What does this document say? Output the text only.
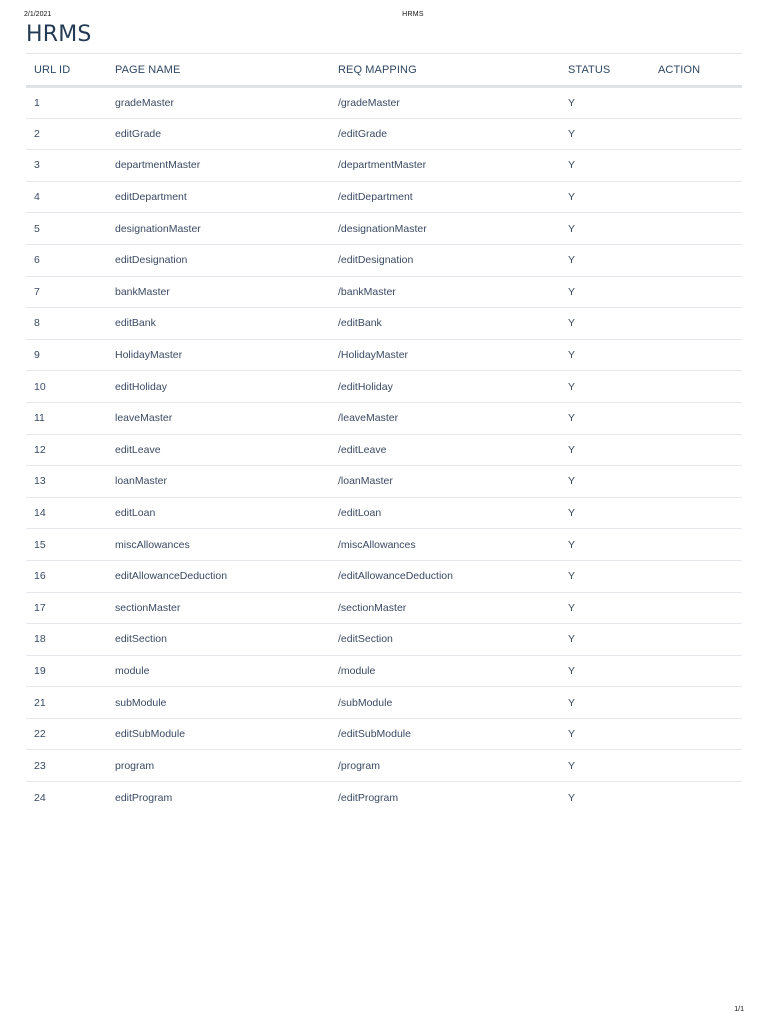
2/1/2021	HRMS
HRMS
URL ID	PAGE NAME	REQ MAPPING	STATUS	ACTION
1	gradeMaster	/gradeMaster	Y	
2	editGrade	/editGrade	Y	
3	departmentMaster	/departmentMaster	Y	
4	editDepartment	/editDepartment	Y	
5	designationMaster	/designationMaster	Y	
6	editDesignation	/editDesignation	Y	
7	bankMaster	/bankMaster	Y	
8	editBank	/editBank	Y	
9	HolidayMaster	/HolidayMaster	Y	
10	editHoliday	/editHoliday	Y	
11	leaveMaster	/leaveMaster	Y	
12	editLeave	/editLeave	Y	
13	loanMaster	/loanMaster	Y	
14	editLoan	/editLoan	Y	
15	miscAllowances	/miscAllowances	Y	
16	editAllowanceDeduction	/editAllowanceDeduction	Y	
17	sectionMaster	/sectionMaster	Y	
18	editSection	/editSection	Y	
19	module	/module	Y	
21	subModule	/subModule	Y	
22	editSubModule	/editSubModule	Y	
23	program	/program	Y	
24	editProgram	/editProgram	Y	
1/1
